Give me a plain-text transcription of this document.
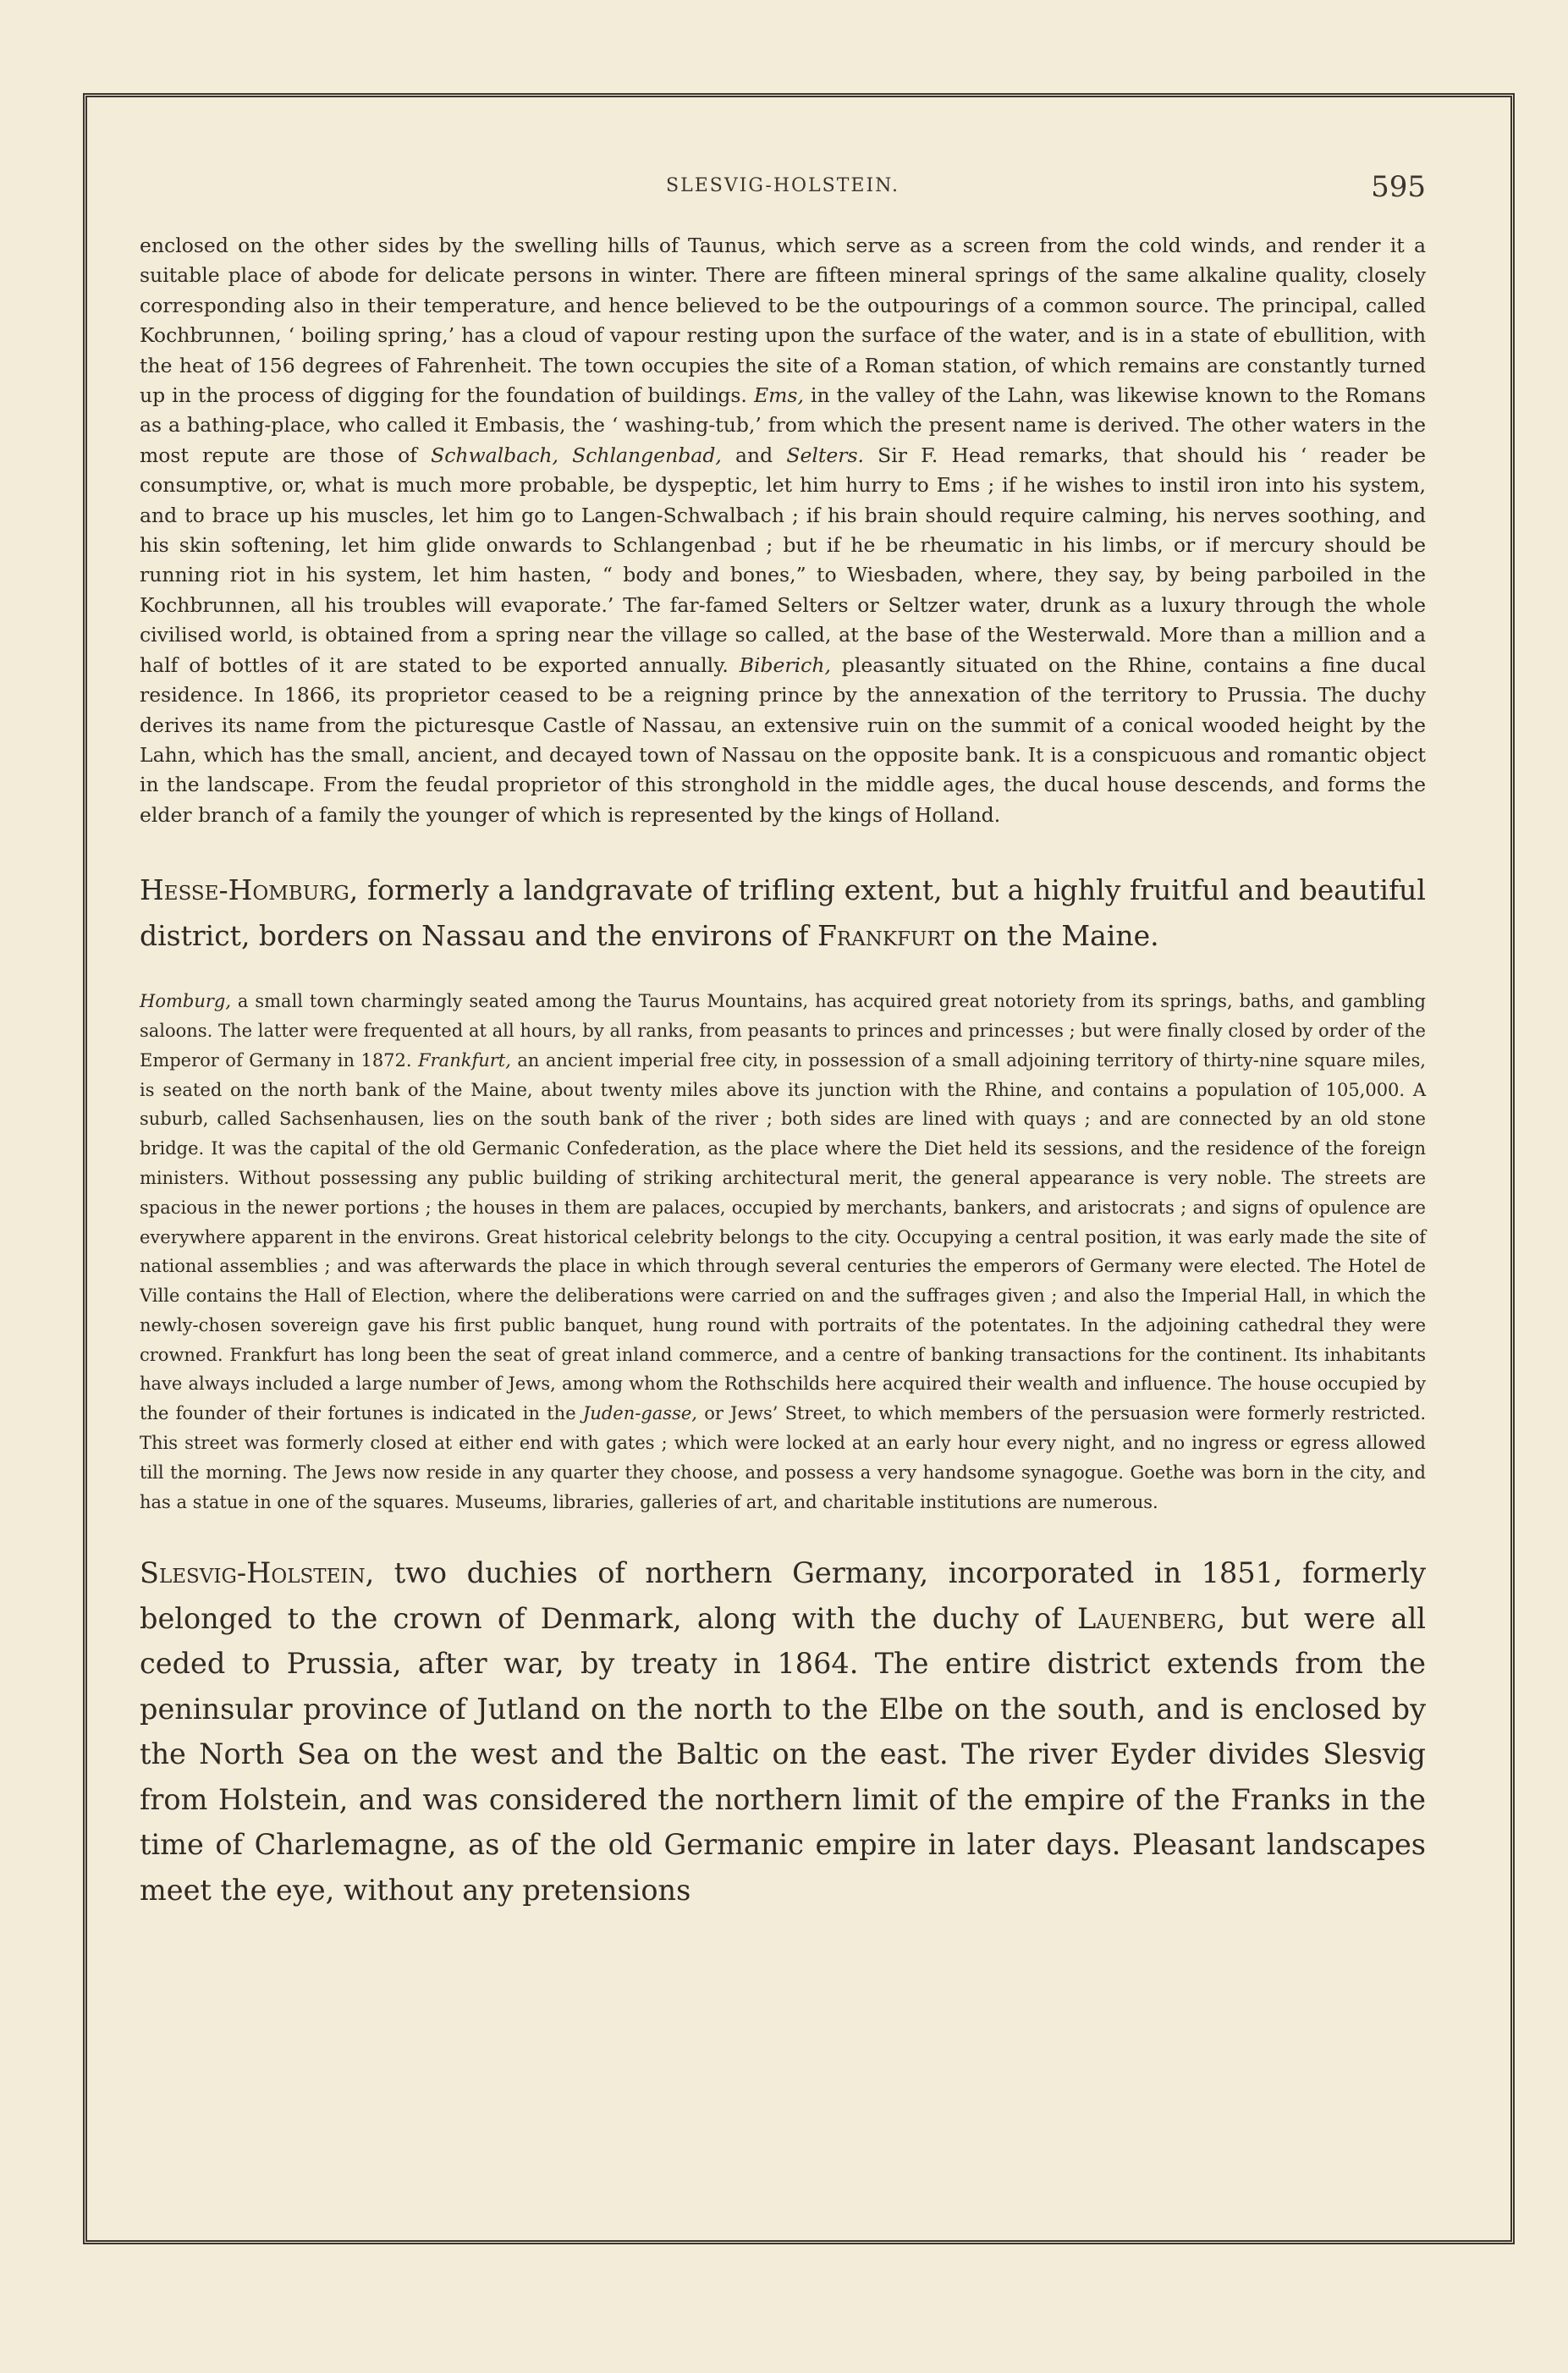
SLESVIG-HOLSTEIN.	595

enclosed on the other sides by the swelling hills of Taunus, which serve as a screen from the cold winds, and render it a suitable place of abode for delicate persons in winter. There are fifteen mineral springs of the same alkaline quality, closely corresponding also in their temperature, and hence believed to be the outpourings of a common source. The principal, called Kochbrunnen, ‘ boiling spring,’ has a cloud of vapour resting upon the surface of the water, and is in a state of ebullition, with the heat of 156 degrees of Fahrenheit. The town occupies the site of a Roman station, of which remains are constantly turned up in the process of digging for the foundation of buildings. Ems, in the valley of the Lahn, was likewise known to the Romans as a bathing-place, who called it Embasis, the ‘ washing-tub,’ from which the present name is derived. The other waters in the most repute are those of Schwalbach, Schlangenbad, and Selters. Sir F. Head remarks, that should his ‘ reader be consumptive, or, what is much more probable, be dyspeptic, let him hurry to Ems ; if he wishes to instil iron into his system, and to brace up his muscles, let him go to Langen-Schwalbach ; if his brain should require calming, his nerves soothing, and his skin softening, let him glide onwards to Schlangenbad ; but if he be rheumatic in his limbs, or if mercury should be running riot in his system, let him hasten, “ body and bones,” to Wiesbaden, where, they say, by being parboiled in the Kochbrunnen, all his troubles will evaporate.’ The far-famed Selters or Seltzer water, drunk as a luxury through the whole civilised world, is obtained from a spring near the village so called, at the base of the Westerwald. More than a million and a half of bottles of it are stated to be exported annually. Biberich, pleasantly situated on the Rhine, contains a fine ducal residence. In 1866, its proprietor ceased to be a reigning prince by the annexation of the territory to Prussia. The duchy derives its name from the picturesque Castle of Nassau, an extensive ruin on the summit of a conical wooded height by the Lahn, which has the small, ancient, and decayed town of Nassau on the opposite bank. It is a conspicuous and romantic object in the landscape. From the feudal proprietor of this stronghold in the middle ages, the ducal house descends, and forms the elder branch of a family the younger of which is represented by the kings of Holland.

Hesse-Homburg, formerly a landgravate of trifling extent, but a highly fruitful and beautiful district, borders on Nassau and the environs of Frankfurt on the Maine.

Homburg, a small town charmingly seated among the Taurus Mountains, has acquired great notoriety from its springs, baths, and gambling saloons. The latter were frequented at all hours, by all ranks, from peasants to princes and princesses ; but were finally closed by order of the Emperor of Germany in 1872. Frankfurt, an ancient imperial free city, in possession of a small adjoining territory of thirty-nine square miles, is seated on the north bank of the Maine, about twenty miles above its junction with the Rhine, and contains a population of 105,000. A suburb, called Sachsenhausen, lies on the south bank of the river ; both sides are lined with quays ; and are connected by an old stone bridge. It was the capital of the old Germanic Confederation, as the place where the Diet held its sessions, and the residence of the foreign ministers. Without possessing any public building of striking architectural merit, the general appearance is very noble. The streets are spacious in the newer portions ; the houses in them are palaces, occupied by merchants, bankers, and aristocrats ; and signs of opulence are everywhere apparent in the environs. Great historical celebrity belongs to the city. Occupying a central position, it was early made the site of national assemblies ; and was afterwards the place in which through several centuries the emperors of Germany were elected. The Hotel de Ville contains the Hall of Election, where the deliberations were carried on and the suffrages given ; and also the Imperial Hall, in which the newly-chosen sovereign gave his first public banquet, hung round with portraits of the potentates. In the adjoining cathedral they were crowned. Frankfurt has long been the seat of great inland commerce, and a centre of banking transactions for the continent. Its inhabitants have always included a large number of Jews, among whom the Rothschilds here acquired their wealth and influence. The house occupied by the founder of their fortunes is indicated in the Juden-gasse, or Jews’ Street, to which members of the persuasion were formerly restricted. This street was formerly closed at either end with gates ; which were locked at an early hour every night, and no ingress or egress allowed till the morning. The Jews now reside in any quarter they choose, and possess a very handsome synagogue. Goethe was born in the city, and has a statue in one of the squares. Museums, libraries, galleries of art, and charitable institutions are numerous.

Slesvig-Holstein, two duchies of northern Germany, incorporated in 1851, formerly belonged to the crown of Denmark, along with the duchy of Lauenberg, but were all ceded to Prussia, after war, by treaty in 1864. The entire district extends from the peninsular province of Jutland on the north to the Elbe on the south, and is enclosed by the North Sea on the west and the Baltic on the east. The river Eyder divides Slesvig from Holstein, and was considered the northern limit of the empire of the Franks in the time of Charlemagne, as of the old Germanic empire in later days. Pleasant landscapes meet the eye, without any pretensions
